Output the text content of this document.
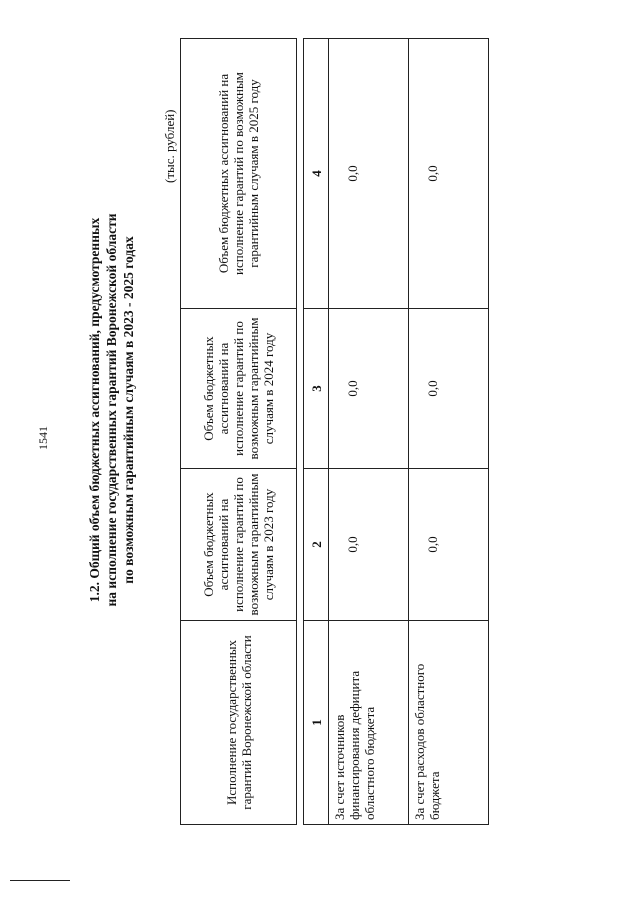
1541	1.2. Общий объем бюджетных ассигнований, предусмотренных на исполнение государственных гарантий Воронежской области по возможным гарантийным случаям в 2023 - 2025 годах
(тыс. рублей)
Исполнение государственных гарантий Воронежской области	Объем бюджетных ассигнований на исполнение гарантий по возможным гарантийным случаям в 2023 году	Объем бюджетных ассигнований на исполнение гарантий по возможным гарантийным случаям в 2024 году	Объем бюджетных ассигнований на исполнение гарантий по возможным гарантийным случаям в 2025 году
1	2	3	4
За счет источников финансирования дефицита областного бюджета	0,0	0,0	0,0
За счет расходов областного бюджета	0,0	0,0	0,0
